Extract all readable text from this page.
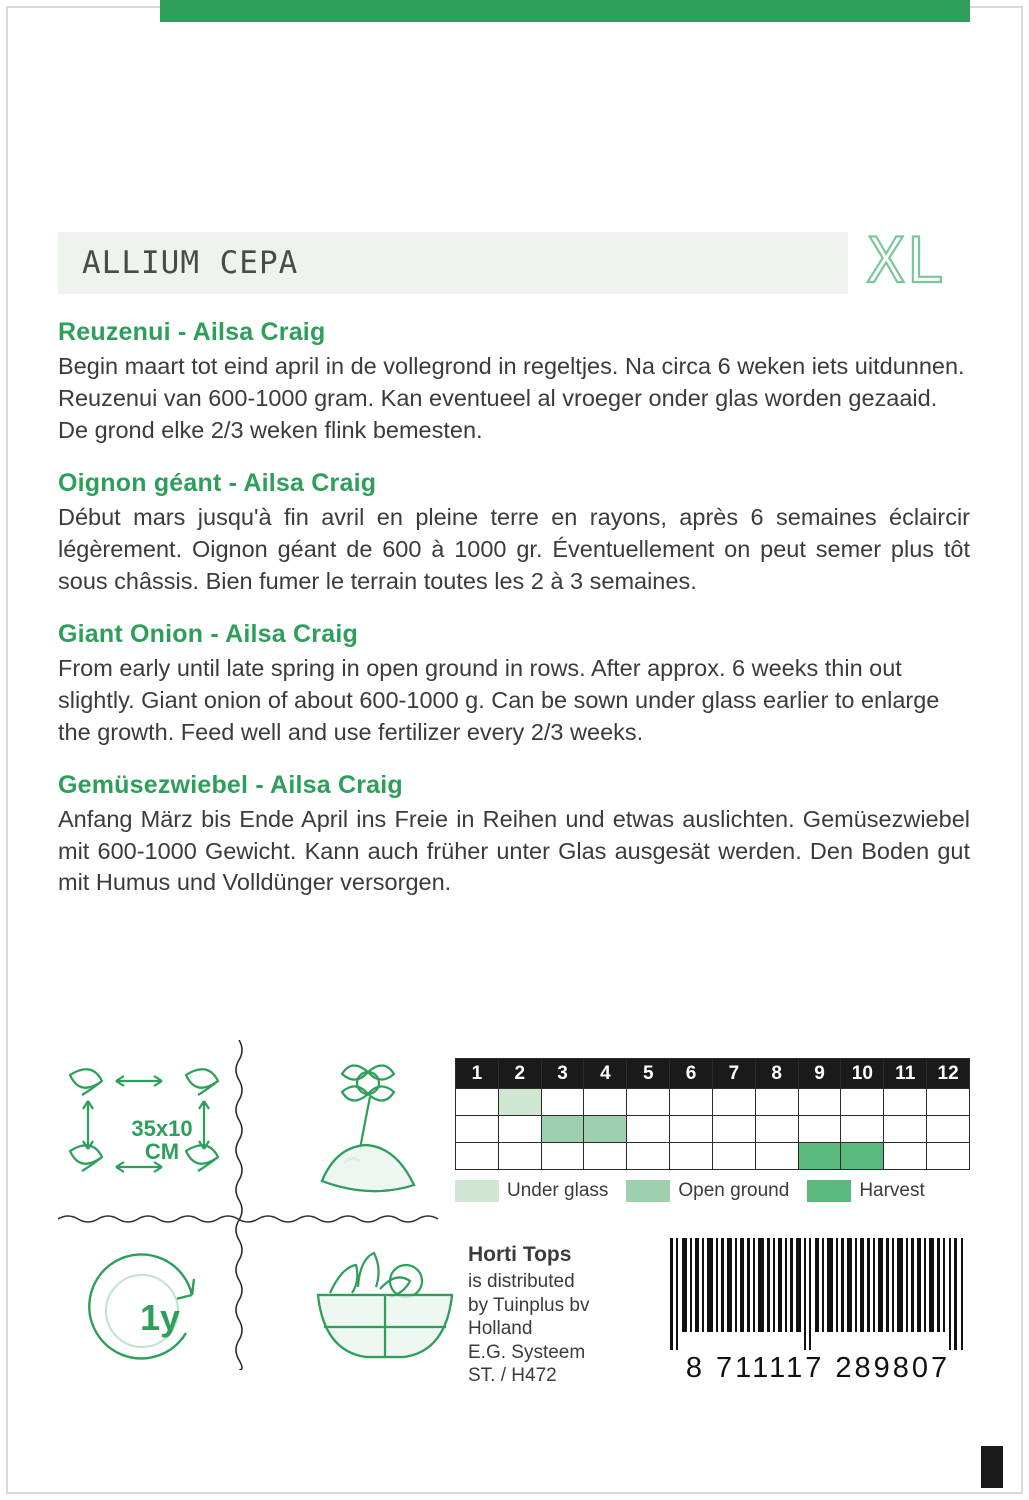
ALLIUM CEPA	XL
Reuzenui - Ailsa Craig

Begin maart tot eind april in de vollegrond in regeltjes. Na circa 6 weken iets uitdunnen. Reuzenui van 600-1000 gram. Kan eventueel al vroeger onder glas worden gezaaid. De grond elke 2/3 weken flink bemesten.

Oignon géant - Ailsa Craig

Début mars jusqu'à fin avril en pleine terre en rayons, après 6 semaines éclaircir légèrement. Oignon géant de 600 à 1000 gr. Éventuellement on peut semer plus tôt sous châssis. Bien fumer le terrain toutes les 2 à 3 semaines.

Giant Onion - Ailsa Craig

From early until late spring in open ground in rows. After approx. 6 weeks thin out slightly. Giant onion of about 600-1000 g. Can be sown under glass earlier to enlarge the growth. Feed well and use fertilizer every 2/3 weeks.

Gemüsezwiebel - Ailsa Craig

Anfang März bis Ende April ins Freie in Reihen und etwas auslichten. Gemüsezwiebel mit 600-1000 Gewicht. Kann auch früher unter Glas ausgesät werden. Den Boden gut mit Humus und Volldünger versorgen.

35x10
CM
1y
1	2	3	4	5	6	7	8	9	10	11	12

Under glass	Open ground	Harvest
Horti Tops
is distributed
by Tuinplus bv
Holland
E.G. Systeem
ST. / H472	8 711117 289807
